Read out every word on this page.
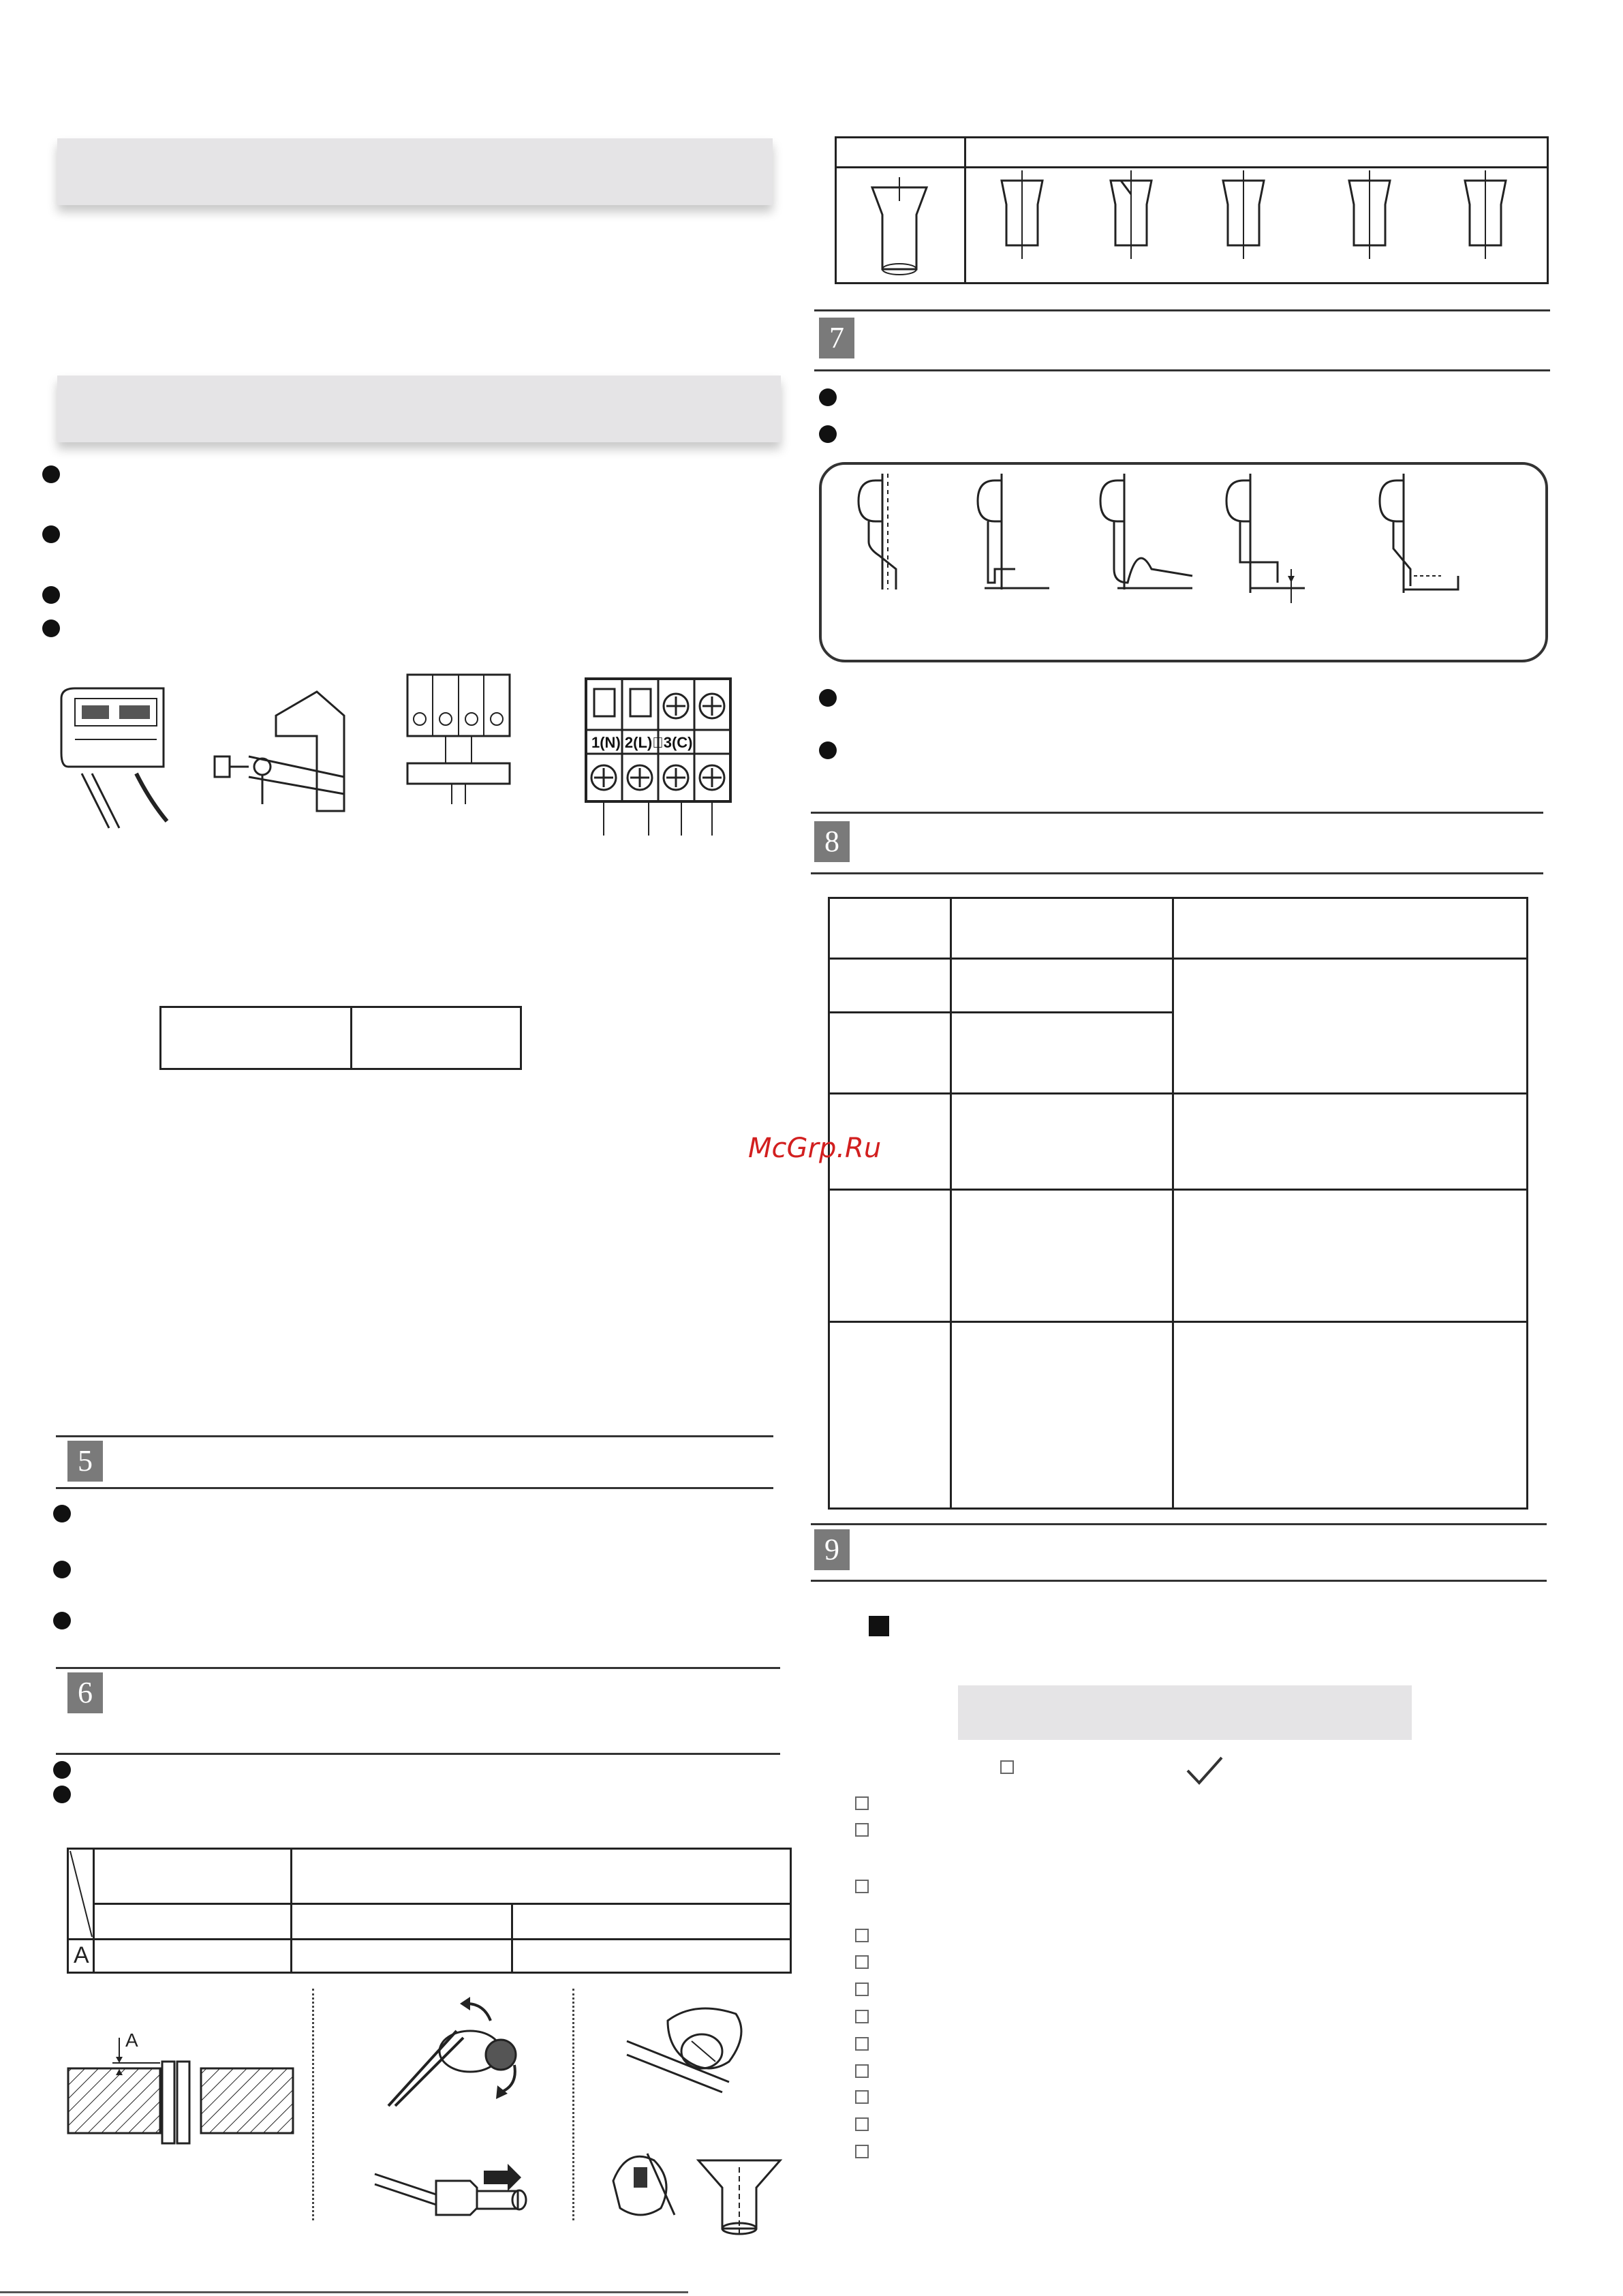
1(N) 2(L)⃝3(C)
5
6
A
A
7
8
McGrp.Ru
9
